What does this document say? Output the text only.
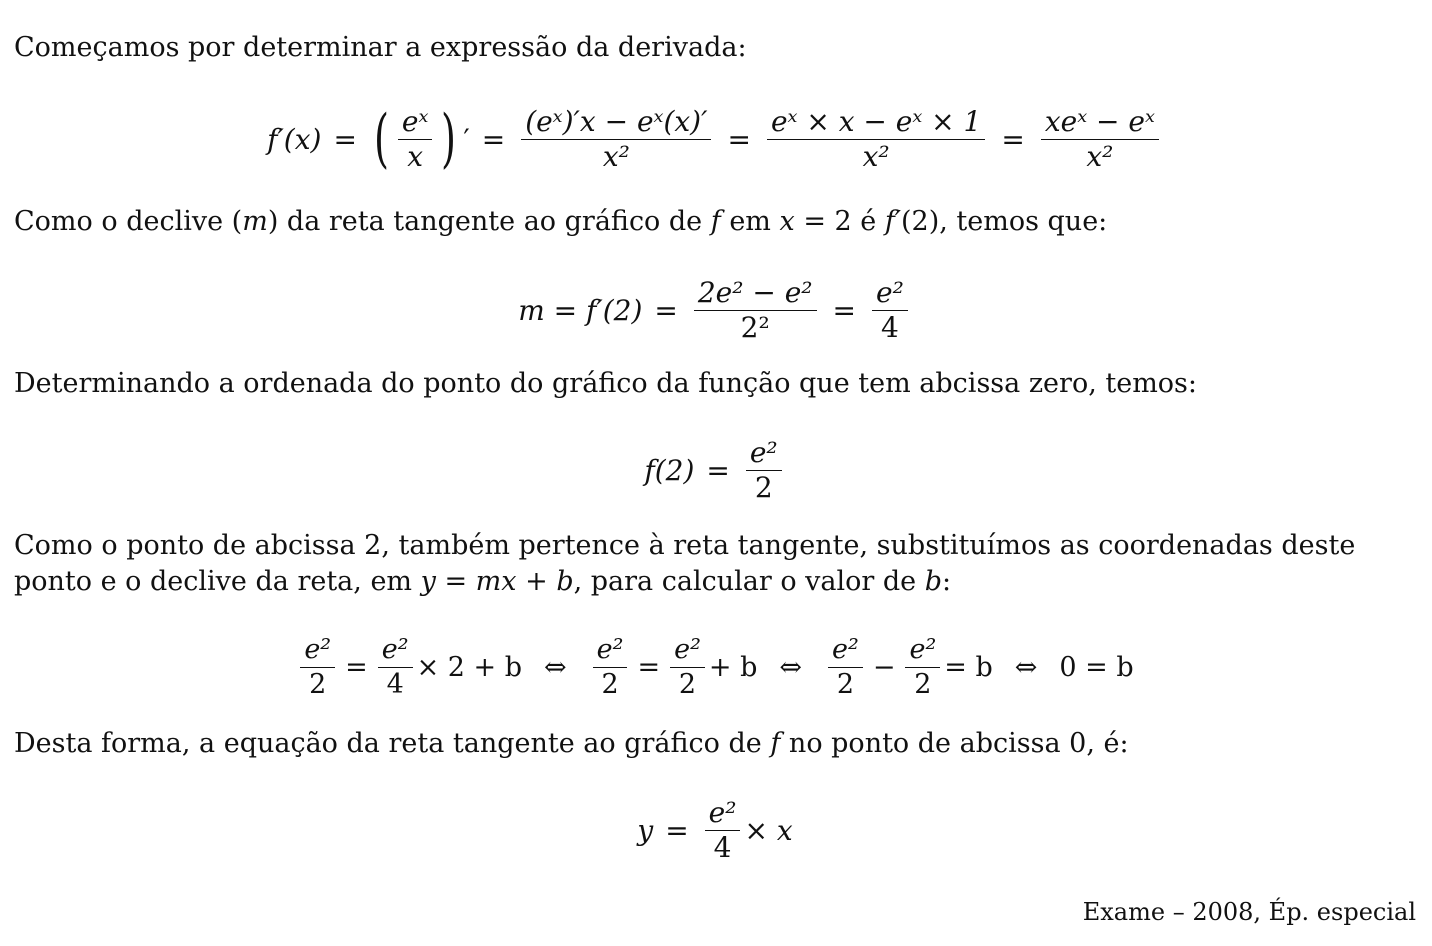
Começamos por determinar a expressão da derivada:
f′(x) = ( $\frac{\text{eˣ}}{x}$ ) ′ = $\frac{\text{(eˣ)′x − eˣ(x)′}}{\text{x²}} = \frac{\text{eˣ × x − eˣ × 1}}{\text{x²}} = \frac{\text{xeˣ − eˣ}}{\text{x²}}$
Como o declive (m) da reta tangente ao gráfico de f em x = 2 é f′(2), temos que:
$m = f'(2) = \frac{\text{2e² − e²}}{\text{2²}} = \frac{\text{e²}}{4}$
Determinando a ordenada do ponto do gráfico da função que tem abcissa zero, temos:
$f(2) = \frac{\text{e²}}{2}$
Como o ponto de abcissa 2, também pertence à reta tangente, substituímos as coordenadas deste ponto e o declive da reta, em y = mx + b, para calcular o valor de b:
$\frac{\text{e²}}{2} = \frac{\text{e²}}{4} \times 2 + b$ ⇔ $\frac{\text{e²}}{2} = \frac{\text{e²}}{2} + b$ ⇔ $\frac{\text{e²}}{2} - \frac{\text{e²}}{2} = b$ ⇔ 0 = b
Desta forma, a equação da reta tangente ao gráfico de f no ponto de abcissa 0, é:
$y = \frac{\text{e²}}{4} \times x$
Exame – 2008, Ép. especial
